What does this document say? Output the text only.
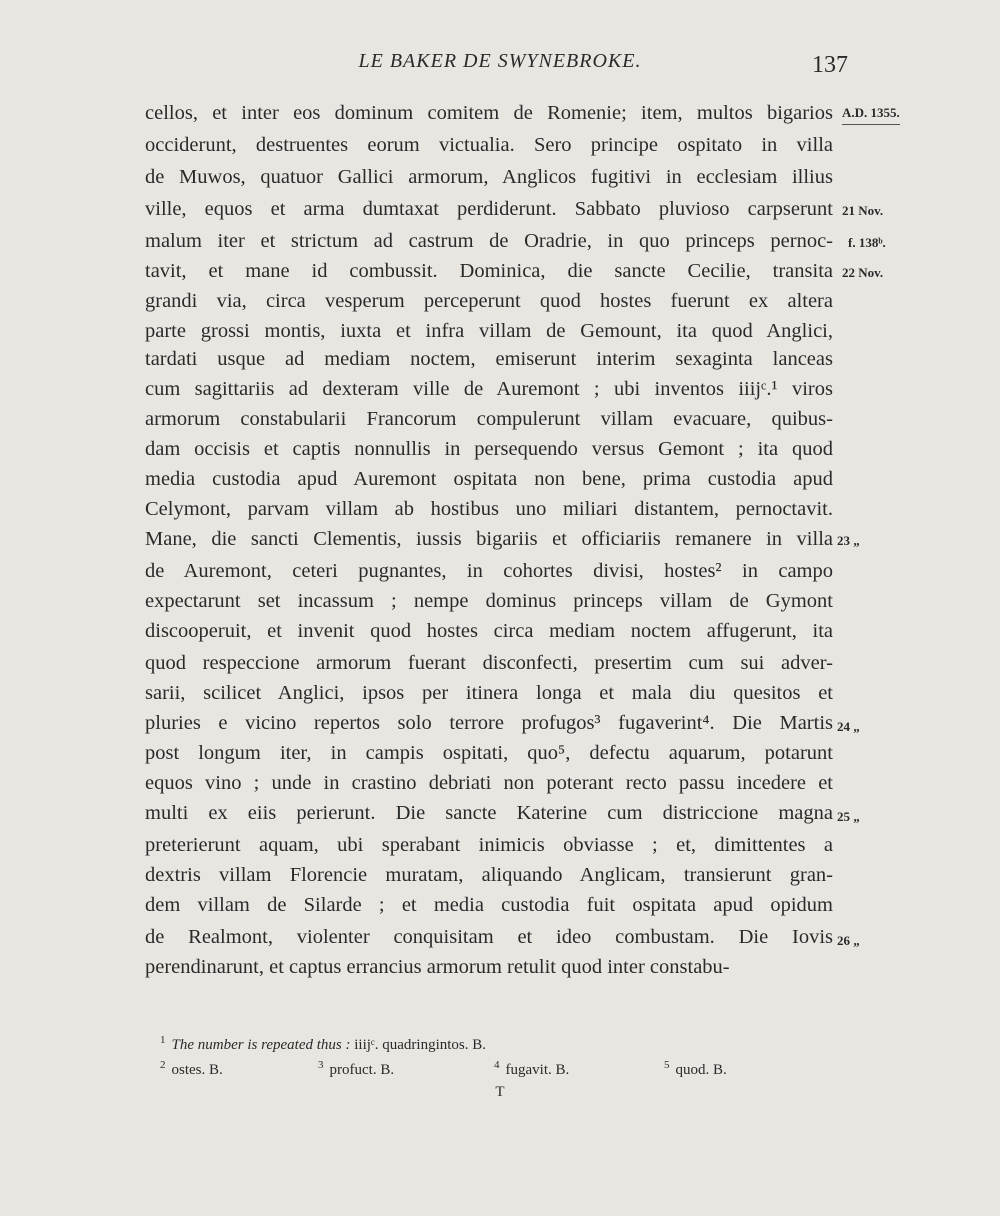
LE BAKER DE SWYNEBROKE.	137
cellos, et inter eos dominum comitem de Romenie; item, multos bigarios
occiderunt, destruentes eorum victualia. Sero principe ospitato in villa
de Muwos, quatuor Gallici armorum, Anglicos fugitivi in ecclesiam illius
ville, equos et arma dumtaxat perdiderunt. Sabbato pluvioso carpserunt
malum iter et strictum ad castrum de Oradrie, in quo princeps pernoc-
tavit, et mane id combussit. Dominica, die sancte Cecilie, transita
grandi via, circa vesperum perceperunt quod hostes fuerunt ex altera
parte grossi montis, iuxta et infra villam de Gemount, ita quod Anglici,
tardati usque ad mediam noctem, emiserunt interim sexaginta lanceas
cum sagittariis ad dexteram ville de Auremont ; ubi inventos iiijᶜ.¹ viros
armorum constabularii Francorum compulerunt villam evacuare, quibus-
dam occisis et captis nonnullis in persequendo versus Gemont ; ita quod
media custodia apud Auremont ospitata non bene, prima custodia apud
Celymont, parvam villam ab hostibus uno miliari distantem, pernoctavit.
Mane, die sancti Clementis, iussis bigariis et officiariis remanere in villa
de Auremont, ceteri pugnantes, in cohortes divisi, hostes² in campo
expectarunt set incassum ; nempe dominus princeps villam de Gymont
discooperuit, et invenit quod hostes circa mediam noctem affugerunt, ita
quod respeccione armorum fuerant disconfecti, presertim cum sui adver-
sarii, scilicet Anglici, ipsos per itinera longa et mala diu quesitos et
pluries e vicino repertos solo terrore profugos³ fugaverint⁴. Die Martis
post longum iter, in campis ospitati, quo⁵, defectu aquarum, potarunt
equos vino ; unde in crastino debriati non poterant recto passu incedere et
multi ex eiis perierunt. Die sancte Katerine cum districcione magna
preterierunt aquam, ubi sperabant inimicis obviasse ; et, dimittentes a
dextris villam Florencie muratam, aliquando Anglicam, transierunt gran-
dem villam de Silarde ; et media custodia fuit ospitata apud opidum
de Realmont, violenter conquisitam et ideo combustam. Die Iovis
perendinarunt, et captus errancius armorum retulit quod inter constabu-
A.D. 1355.
21 Nov.
f. 138ᵇ.
22 Nov.
23 „
24 „
25 „
26 „
$^1$ The number is repeated thus : iiijᶜ. quadringintos. B.
$^2$ ostes. B.	$^3$ profuct. B.	$^4$ fugavit. B.	$^5$ quod. B.
T
